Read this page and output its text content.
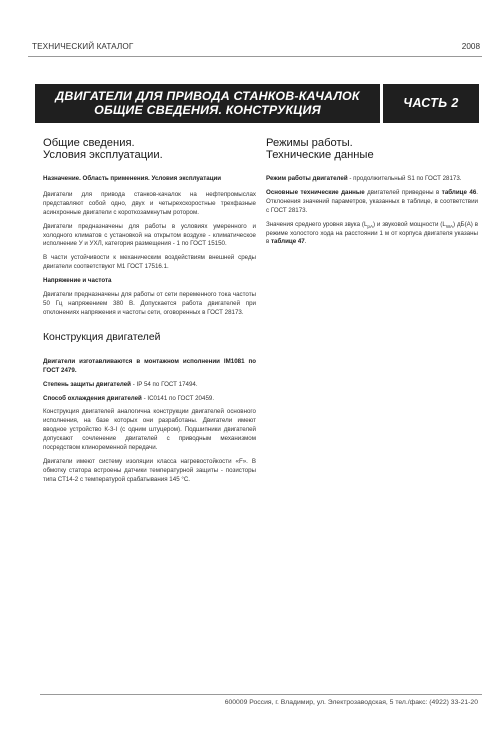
ТЕХНИЧЕСКИЙ КАТАЛОГ	2008
ДВИГАТЕЛИ ДЛЯ ПРИВОДА СТАНКОВ-КАЧАЛОК
ОБЩИЕ СВЕДЕНИЯ. КОНСТРУКЦИЯ	ЧАСТЬ 2
Общие сведения.
Условия эксплуатации.

Назначение. Область применения. Условия эксплуатации

Двигатели для привода станков-качалок на нефтепромыслах представляют собой одно, двух и четырехскоростные трехфазные асинхронные двигатели с короткозамкнутым ротором.

Двигатели предназначены для работы в условиях умеренного и холодного климатов с установкой на открытом воздухе - климатическое исполнение У и УХЛ, категория размещения - 1 по ГОСТ 15150.

В части устойчивости к механическим воздействиям внешней среды двигатели соответствуют М1 ГОСТ 17516.1.

Напряжение и частота

Двигатели предназначены для работы от сети переменного тока частоты 50 Гц напряжением 380 В. Допускается работа двигателей при отклонениях напряжения и частоты сети, оговоренных в ГОСТ 28173.

Конструкция двигателей

Двигатели изготавливаются в монтажном исполнении IM1081 по ГОСТ 2479.

Степень защиты двигателей - IP 54 по ГОСТ 17494.

Способ охлаждения двигателей - IC0141 по ГОСТ 20459.

Конструкция двигателей аналогична конструкции двигателей основного исполнения, на базе которых они разработаны. Двигатели имеют вводное устройство К-3-I (с одним штуцером). Подшипники двигателей допускают сочленение двигателей с приводным механизмом посредством клиноременной передачи.

Двигатели имеют систему изоляции класса нагревостойкости «F». В обмотку статора встроены датчики температурной защиты - позисторы типа СТ14-2 с температурой срабатывания 145 °С.

Режимы работы.
Технические данные

Режим работы двигателей - продолжительный S1 по ГОСТ 28173.

Основные технические данные двигателей приведены в таблице 46. Отклонения значений параметров, указанных в таблице, в соответствии с ГОСТ 28173.

Значения среднего уровня звука $(L_{pA})$ и звуковой мощности $(L_{WA})$ дБ(А) в режиме холостого хода на расстоянии 1 м от корпуса двигателя указаны в таблице 47.

600009 Россия, г. Владимир, ул. Электрозаводская, 5 тел./факс: (4922) 33-21-20
